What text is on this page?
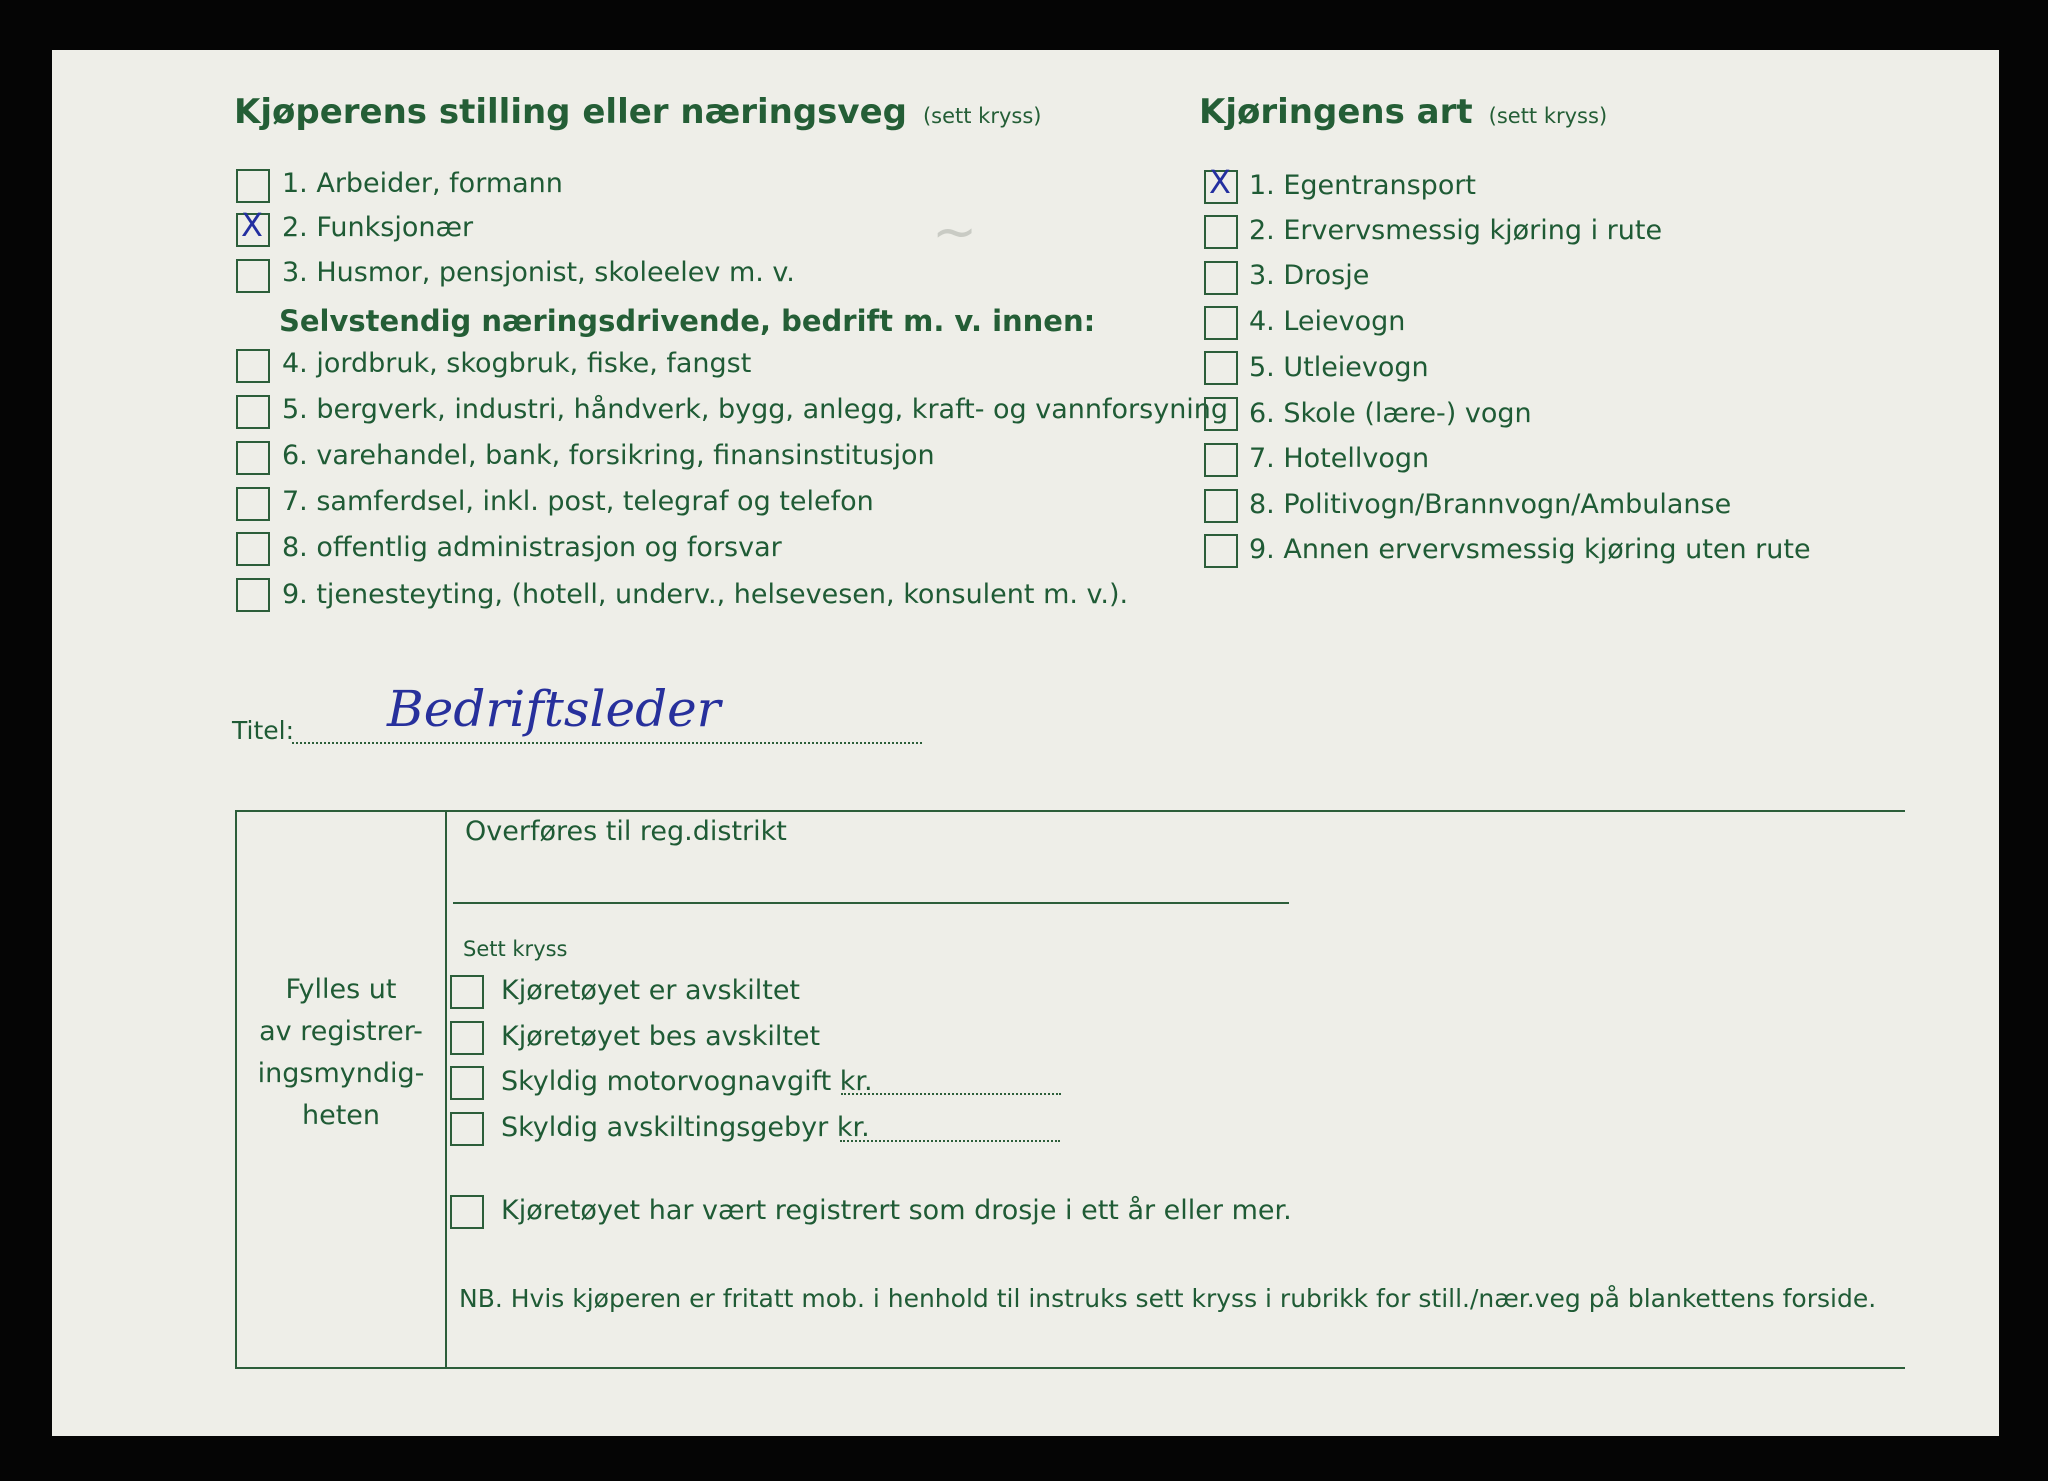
~
Kjøperens stilling eller næringsveg (sett kryss)
1. Arbeider, formann
X 2. Funksjonær
3. Husmor, pensjonist, skoleelev m. v.
Selvstendig næringsdrivende, bedrift m. v. innen:
4. jordbruk, skogbruk, fiske, fangst
5. bergverk, industri, håndverk, bygg, anlegg, kraft- og vannforsyning
6. varehandel, bank, forsikring, finansinstitusjon
7. samferdsel, inkl. post, telegraf og telefon
8. offentlig administrasjon og forsvar
9. tjenesteyting, (hotell, underv., helsevesen, konsulent m. v.).
Kjøringens art (sett kryss)
X 1. Egentransport
2. Ervervsmessig kjøring i rute
3. Drosje
4. Leievogn
5. Utleievogn
6. Skole (lære-) vogn
7. Hotellvogn
8. Politivogn/Brannvogn/Ambulanse
9. Annen ervervsmessig kjøring uten rute
Titel: Bedriftsleder
Fylles ut
av registrer-
ingsmyndig-
heten
Overføres til reg.distrikt
Sett kryss
Kjøretøyet er avskiltet
Kjøretøyet bes avskiltet
Skyldig motorvognavgift kr.
Skyldig avskiltingsgebyr kr.
Kjøretøyet har vært registrert som drosje i ett år eller mer.
NB. Hvis kjøperen er fritatt mob. i henhold til instruks sett kryss i rubrikk for still./nær.veg på blankettens forside.
